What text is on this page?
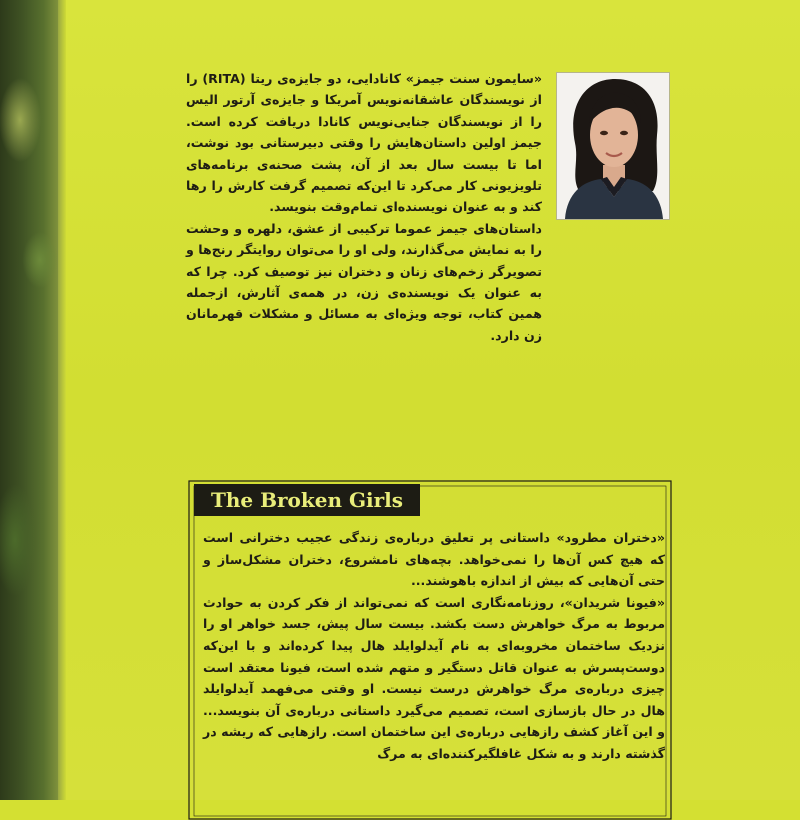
«سایمون سنت جیمز» کانادایی، دو جایزه‌ی ریتا (RITA) را از نویسندگان عاشقانه‌نویس آمریکا و جایزه‌ی آرتور الیس را از نویسندگان جنایی‌نویس کانادا دریافت کرده است. جیمز اولین داستان‌هایش را وقتی دبیرستانی بود نوشت، اما تا بیست سال بعد از آن، پشت صحنه‌ی برنامه‌های تلویزیونی کار می‌کرد تا این‌که تصمیم گرفت کارش را رها کند و به عنوان نویسنده‌ای تمام‌وقت بنویسد.

داستان‌های جیمز عموما ترکیبی از عشق، دلهره و وحشت را به نمایش می‌گذارند، ولی او را می‌توان روایتگر رنج‌ها و تصویرگر زخم‌های زنان و دختران نیز توصیف کرد. چرا که به عنوان یک نویسنده‌ی زن، در همه‌ی آثارش، ازجمله همین کتاب، توجه ویژه‌ای به مسائل و مشکلات قهرمانان زن دارد.

The Broken Girls

«دختران مطرود» داستانی پر تعلیق درباره‌ی زندگی عجیب دخترانی است که هیچ کس آن‌ها را نمی‌خواهد. بچه‌های نامشروع، دختران مشکل‌ساز و حتی آن‌هایی که بیش از اندازه باهوشند...

«فیونا شریدان»، روزنامه‌نگاری است که نمی‌تواند از فکر کردن به حوادث مربوط به مرگ خواهرش دست بکشد. بیست سال پیش، جسد خواهر او را نزدیک ساختمان مخروبه‌ای به نام آیدلوایلد هال پیدا کرده‌اند و با این‌که دوست‌پسرش به عنوان قاتل دستگیر و متهم شده است، فیونا معتقد است چیزی درباره‌ی مرگ خواهرش درست نیست. او وقتی می‌فهمد آیدلوایلد هال در حال بازسازی است، تصمیم می‌گیرد داستانی درباره‌ی آن بنویسد... و این آغاز کشف رازهایی درباره‌ی این ساختمان است. رازهایی که ریشه در گذشته دارند و به شکل غافلگیرکننده‌ای به مرگ
